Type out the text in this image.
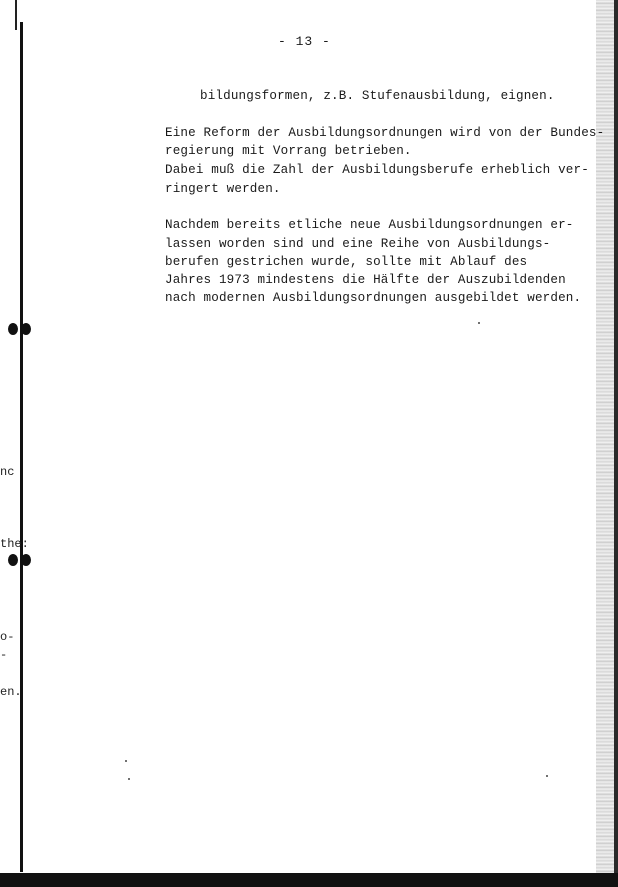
nc
the:
o-
-
en.
- 13 -
bildungsformen, z.B. Stufenausbildung, eignen.
Eine Reform der Ausbildungsordnungen wird von der Bundes-
regierung mit Vorrang betrieben.
Dabei muß die Zahl der Ausbildungsberufe erheblich ver-
ringert werden.
Nachdem bereits etliche neue Ausbildungsordnungen er-
lassen worden sind und eine Reihe von Ausbildungs-
berufen gestrichen wurde, sollte mit Ablauf des
Jahres 1973 mindestens die Hälfte der Auszubildenden
nach modernen Ausbildungsordnungen ausgebildet werden.
